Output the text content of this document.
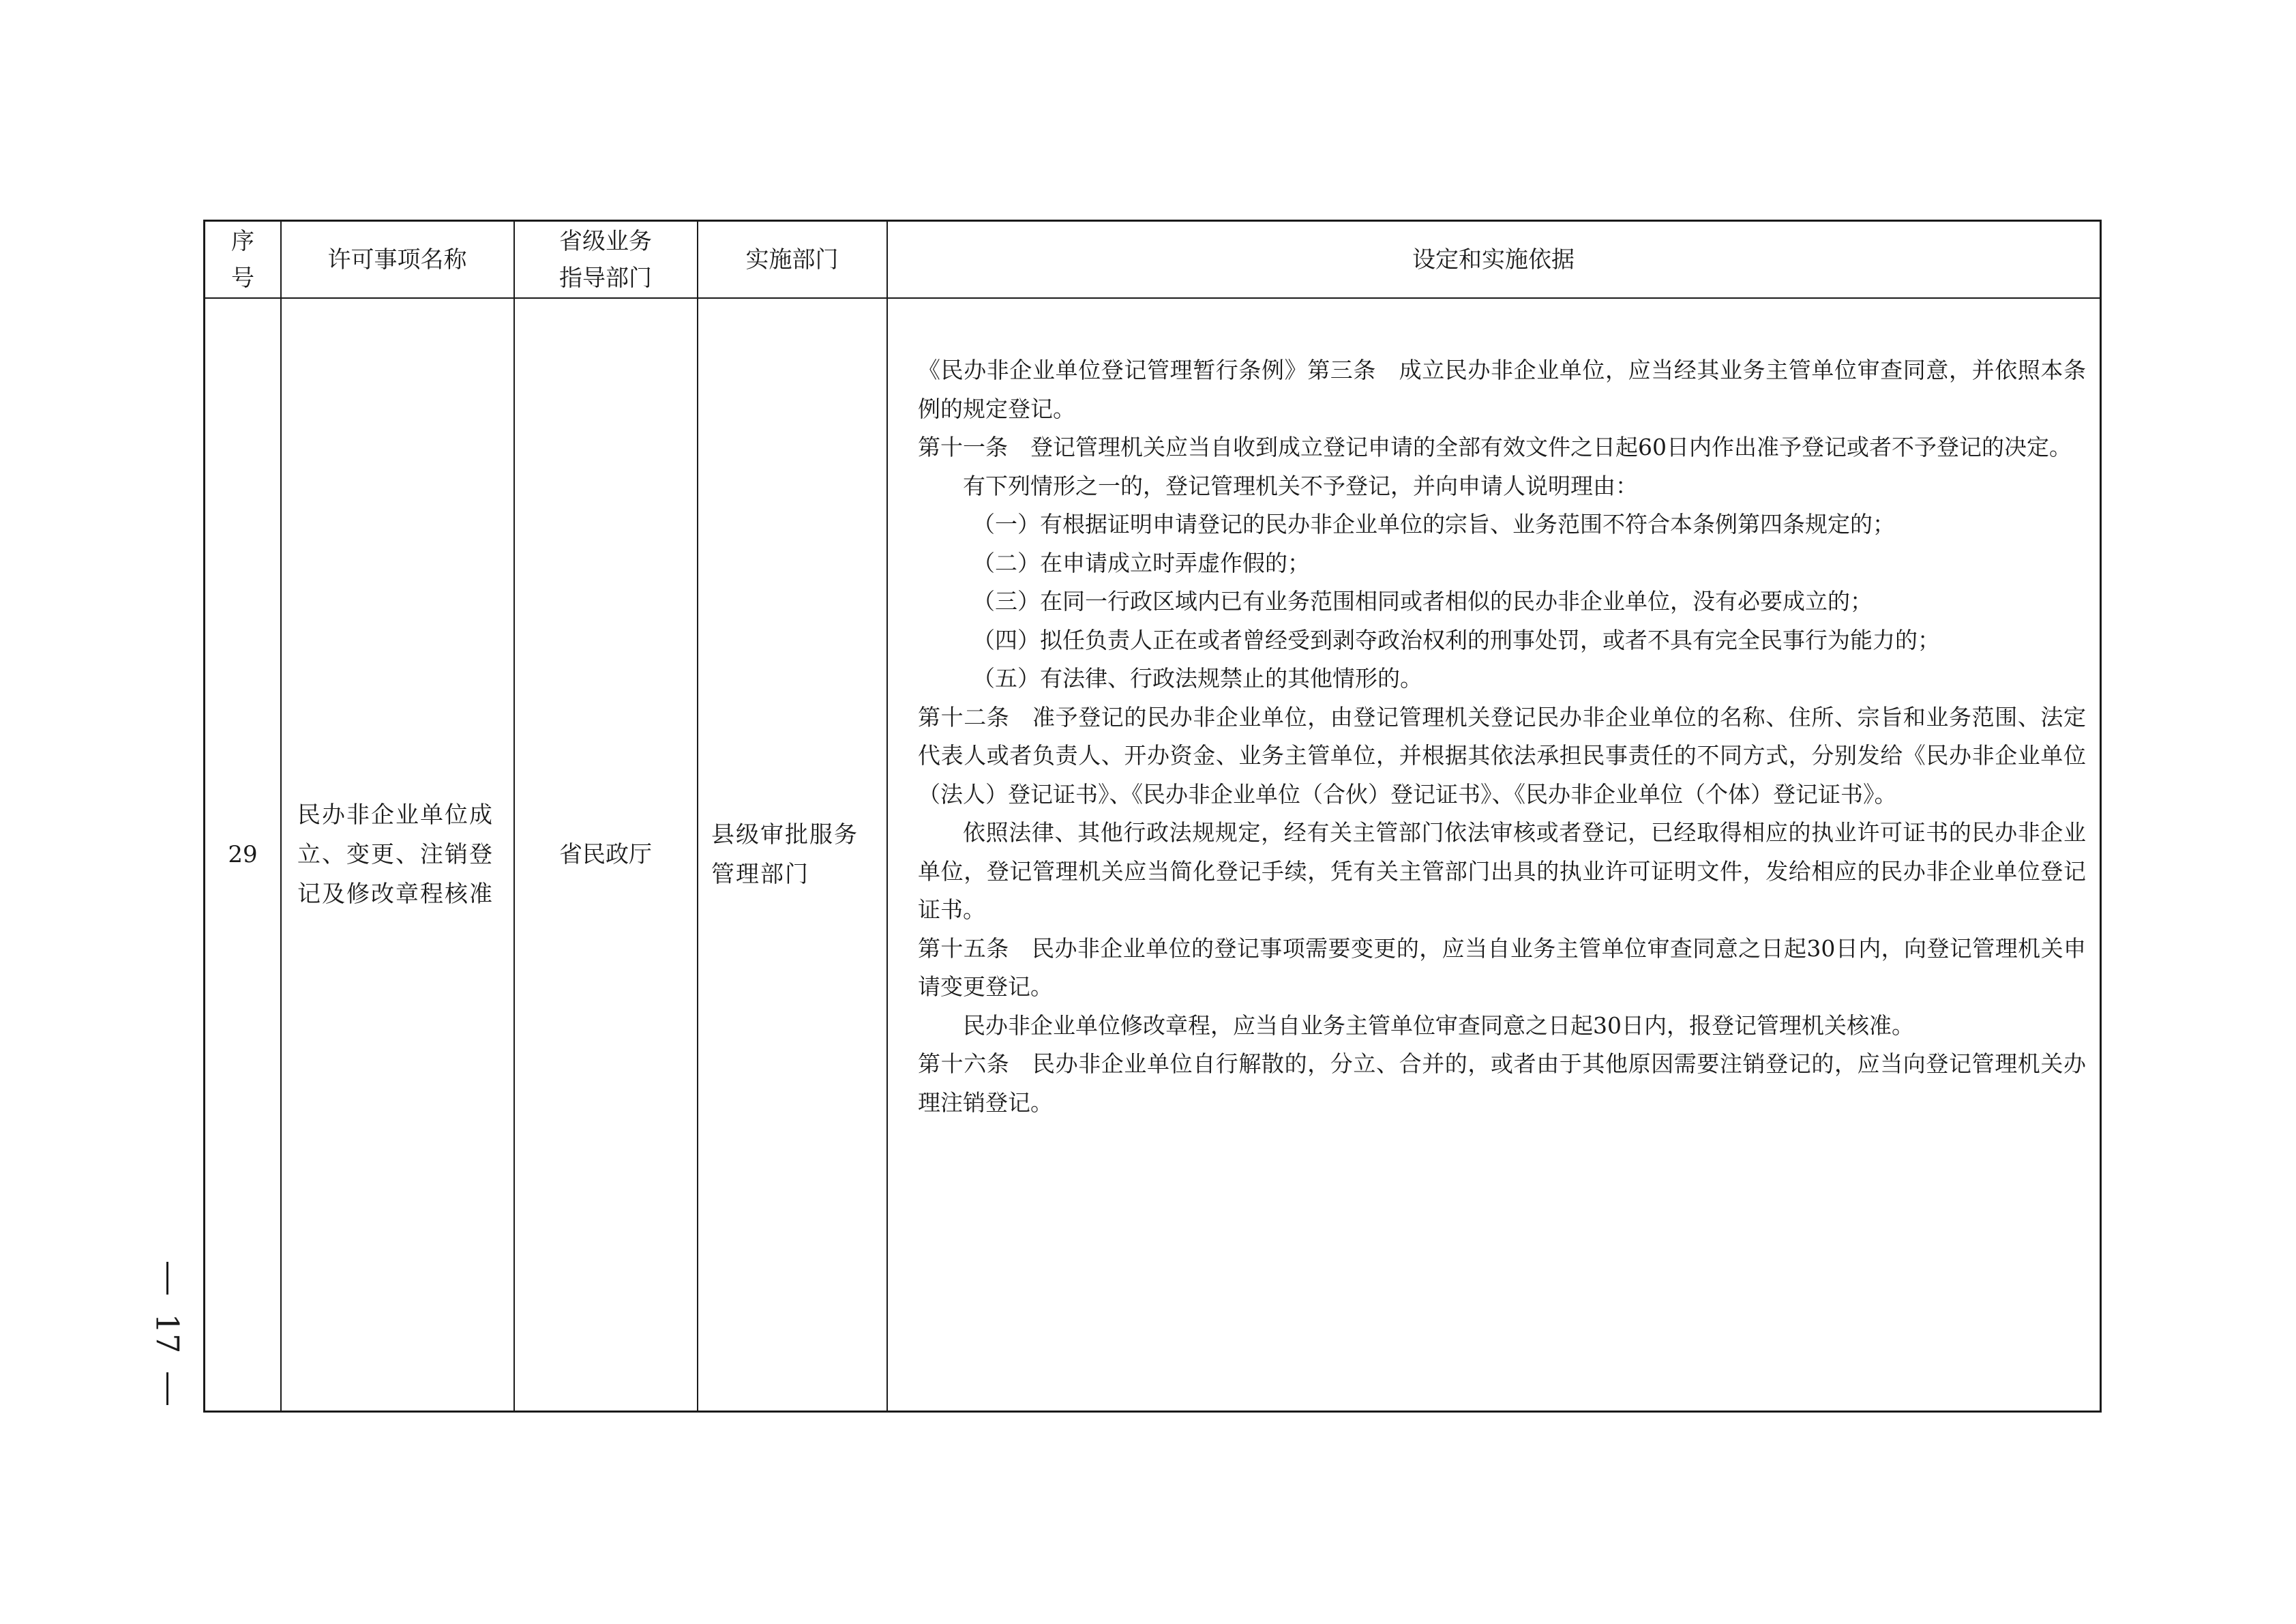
序
号
许可事项名称
省级业务
指导部门
实施部门	设定和实施依据
29
民办非企业单位成立、变更、注销登记及修改章程核准
省民政厅
县级审批服务管理部门

《民办非企业单位登记管理暂行条例》第三条　成立民办非企业单位，应当经其业务主管单位审查同意，并依照本条例的规定登记。

第十一条　登记管理机关应当自收到成立登记申请的全部有效文件之日起60日内作出准予登记或者不予登记的决定。

有下列情形之一的，登记管理机关不予登记，并向申请人说明理由：

（一）有根据证明申请登记的民办非企业单位的宗旨、业务范围不符合本条例第四条规定的；

（二）在申请成立时弄虚作假的；

（三）在同一行政区域内已有业务范围相同或者相似的民办非企业单位，没有必要成立的；

（四）拟任负责人正在或者曾经受到剥夺政治权利的刑事处罚，或者不具有完全民事行为能力的；

（五）有法律、行政法规禁止的其他情形的。

第十二条　准予登记的民办非企业单位，由登记管理机关登记民办非企业单位的名称、住所、宗旨和业务范围、法定代表人或者负责人、开办资金、业务主管单位，并根据其依法承担民事责任的不同方式，分别发给《民办非企业单位（法人）登记证书》、《民办非企业单位（合伙）登记证书》、《民办非企业单位（个体）登记证书》。

依照法律、其他行政法规规定，经有关主管部门依法审核或者登记，已经取得相应的执业许可证书的民办非企业单位，登记管理机关应当简化登记手续，凭有关主管部门出具的执业许可证明文件，发给相应的民办非企业单位登记证书。

第十五条　民办非企业单位的登记事项需要变更的，应当自业务主管单位审查同意之日起30日内，向登记管理机关申请变更登记。

民办非企业单位修改章程，应当自业务主管单位审查同意之日起30日内，报登记管理机关核准。

第十六条　民办非企业单位自行解散的，分立、合并的，或者由于其他原因需要注销登记的，应当向登记管理机关办理注销登记。

17
